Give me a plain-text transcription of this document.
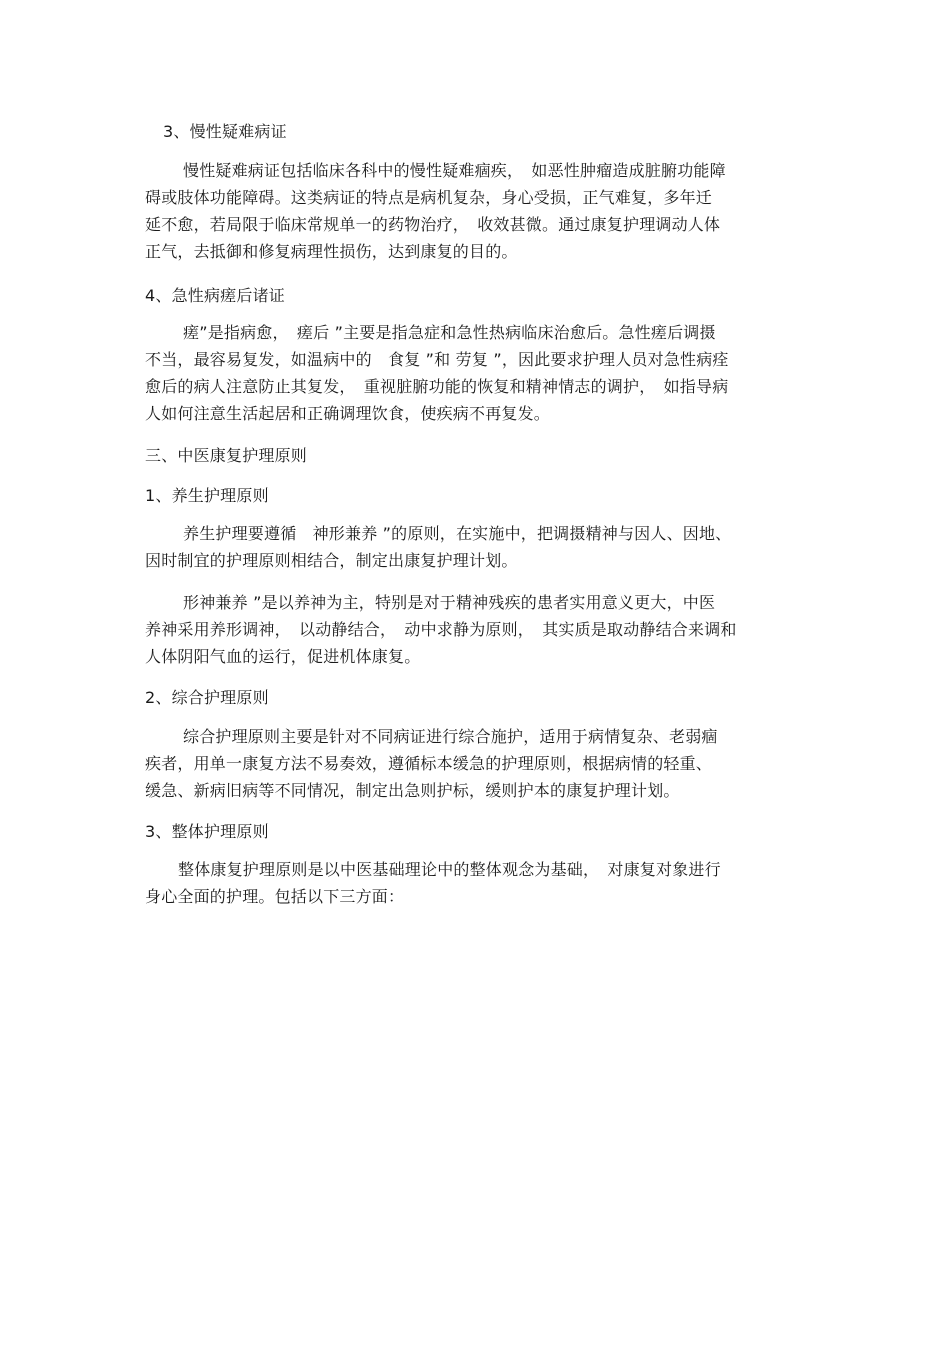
3、慢性疑难病证

慢性疑难病证包括临床各科中的慢性疑难痼疾，　如恶性肿瘤造成脏腑功能障

碍或肢体功能障碍。这类病证的特点是病机复杂，身心受损，正气难复，多年迁

延不愈，若局限于临床常规单一的药物治疗，　收效甚微。通过康复护理调动人体

正气，去抵御和修复病理性损伤，达到康复的目的。

4、急性病瘥后诸证

瘥”是指病愈，　瘥后 ”主要是指急症和急性热病临床治愈后。急性瘥后调摄

不当，最容易复发，如温病中的　食复 ”和 劳复 ”，因此要求护理人员对急性病痊

愈后的病人注意防止其复发，　重视脏腑功能的恢复和精神情志的调护，　如指导病

人如何注意生活起居和正确调理饮食，使疾病不再复发。

三、中医康复护理原则

1、养生护理原则

养生护理要遵循　神形兼养 ”的原则，在实施中，把调摄精神与因人、因地、

因时制宜的护理原则相结合，制定出康复护理计划。

形神兼养 ”是以养神为主，特别是对于精神残疾的患者实用意义更大，中医

养神采用养形调神，　以动静结合，　动中求静为原则，　其实质是取动静结合来调和

人体阴阳气血的运行，促进机体康复。

2、综合护理原则

综合护理原则主要是针对不同病证进行综合施护，适用于病情复杂、老弱痼

疾者，用单一康复方法不易奏效，遵循标本缓急的护理原则，根据病情的轻重、

缓急、新病旧病等不同情况，制定出急则护标，缓则护本的康复护理计划。

3、整体护理原则

整体康复护理原则是以中医基础理论中的整体观念为基础，　对康复对象进行

身心全面的护理。包括以下三方面：
